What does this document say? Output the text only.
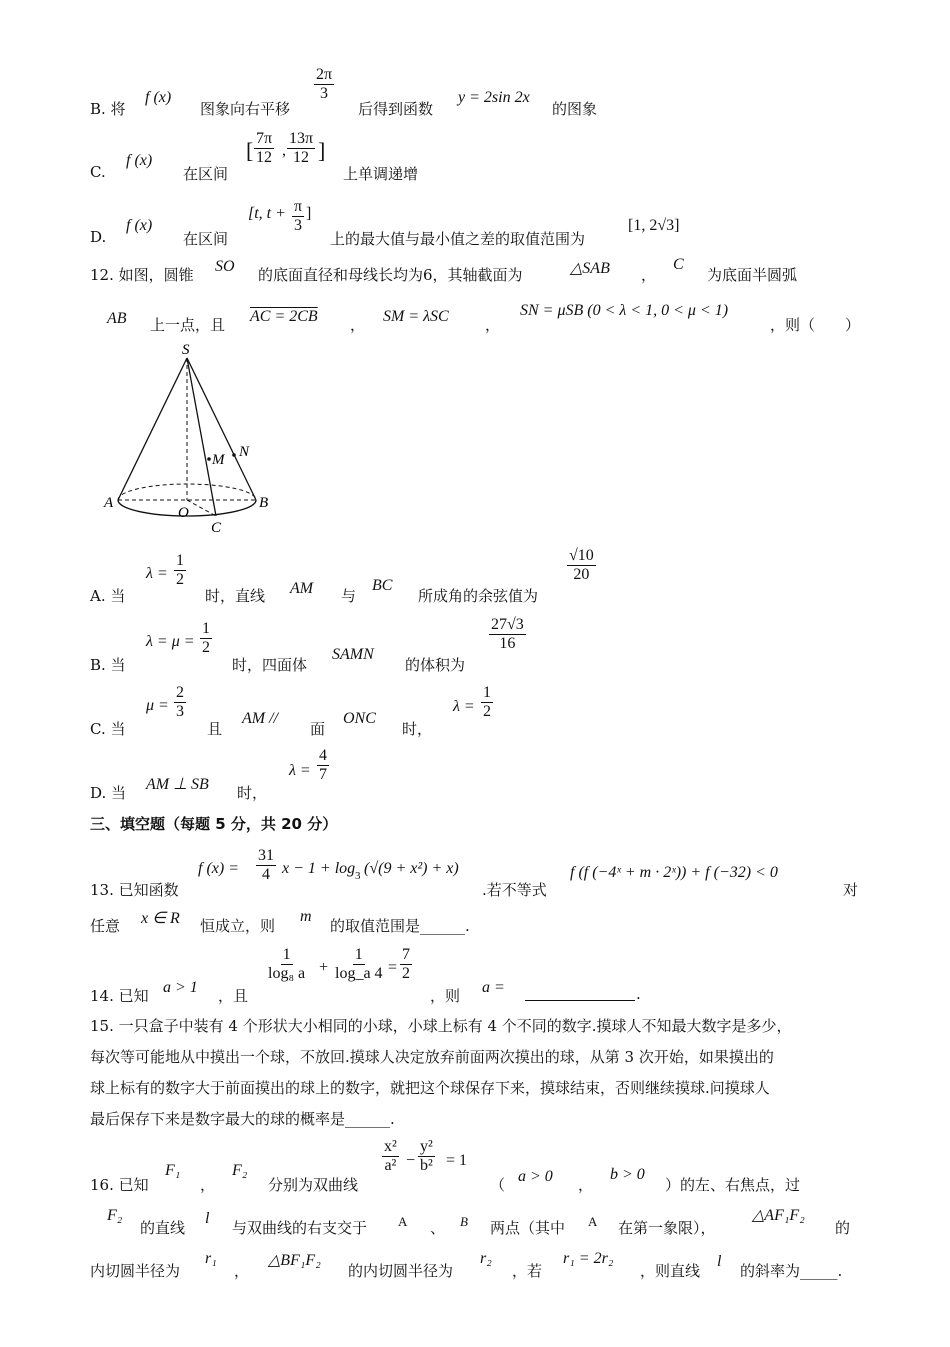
B. 将
f (x)
图象向右平移
$\frac{2\pi}{3}$
后得到函数
y = 2sin 2x
的图象
C.
f (x)
在区间
[ $\frac{7\pi}{12}$ , $\frac{13\pi}{12}$ ]
上单调递增
D.
f (x)
在区间
[t, $t + \frac{\pi}{3}$ ]
上的最大值与最小值之差的取值范围为
[1, 2√3]
12. 如图，圆锥 SO 的底面直径和母线长均为6，其轴截面为	△SAB ，
C
为底面半圆弧
AB 上一点，且 AC = 2CB ， SM = λSC ，
SN = μSB (0 < λ < 1, 0 < μ < 1)
，则（　　）
S
A	B
O
C
M N
A. 当
$\lambda = \frac{1}{2}$
时，直线 AM 与
BC
所成角的余弦值为
$\frac{√10}{20}$
B. 当
$\lambda = \mu = \frac{1}{2}$
时，四面体
SAMN
的体积为
$\frac{27√3}{16}$
C. 当
$\mu = \frac{2}{3}$
且
AM //
面
ONC
时，
$\lambda = \frac{1}{2}$
D. 当 AM ⊥ SB 时，
$\lambda = \frac{4}{7}$
三、填空题（每题 5 分，共 20 分）
13. 已知函数
f $(x) = \frac{31}{4}$ x − 1 + log 3 (√(9 + x²) + x)
.若不等式
f (f (−4ˣ + m · 2ˣ)) + f (−32) < 0
对
任意 x ∈ R 恒成立，则
m
的取值范围是______.
14. 已知 a > 1 ，且
$\frac{1}{\text{log₈ a}} + \frac{1}{\log\_a 4} = \frac{7}{2}$
，则 a =	.
15. 一只盒子中装有 4 个形状大小相同的小球，小球上标有 4 个不同的数字.摸球人不知最大数字是多少，
每次等可能地从中摸出一个球，不放回.摸球人决定放弃前面两次摸出的球，从第 3 次开始，如果摸出的
球上标有的数字大于前面摸出的球上的数字，就把这个球保存下来，摸球结束，否则继续摸球.问摸球人
最后保存下来是数字最大的球的概率是______.
16. 已知
F₁
，
F₂
分别为双曲线
$\frac{\text{x²}}{\text{a²}} - \frac{\text{y²}}{\text{b²}} = 1$
（ a > 0 ，
b > 0
）的左、右焦点，过
F₂
的直线
l
与双曲线的右支交于 A 、 B 两点（其中 A 在第一象限），
△AF₁F₂
的
内切圆半径为
r₁
，
△BF₁F₂
的内切圆半径为
r₂
，若
r₁ = 2r₂
，则直线
l
的斜率为_____.
